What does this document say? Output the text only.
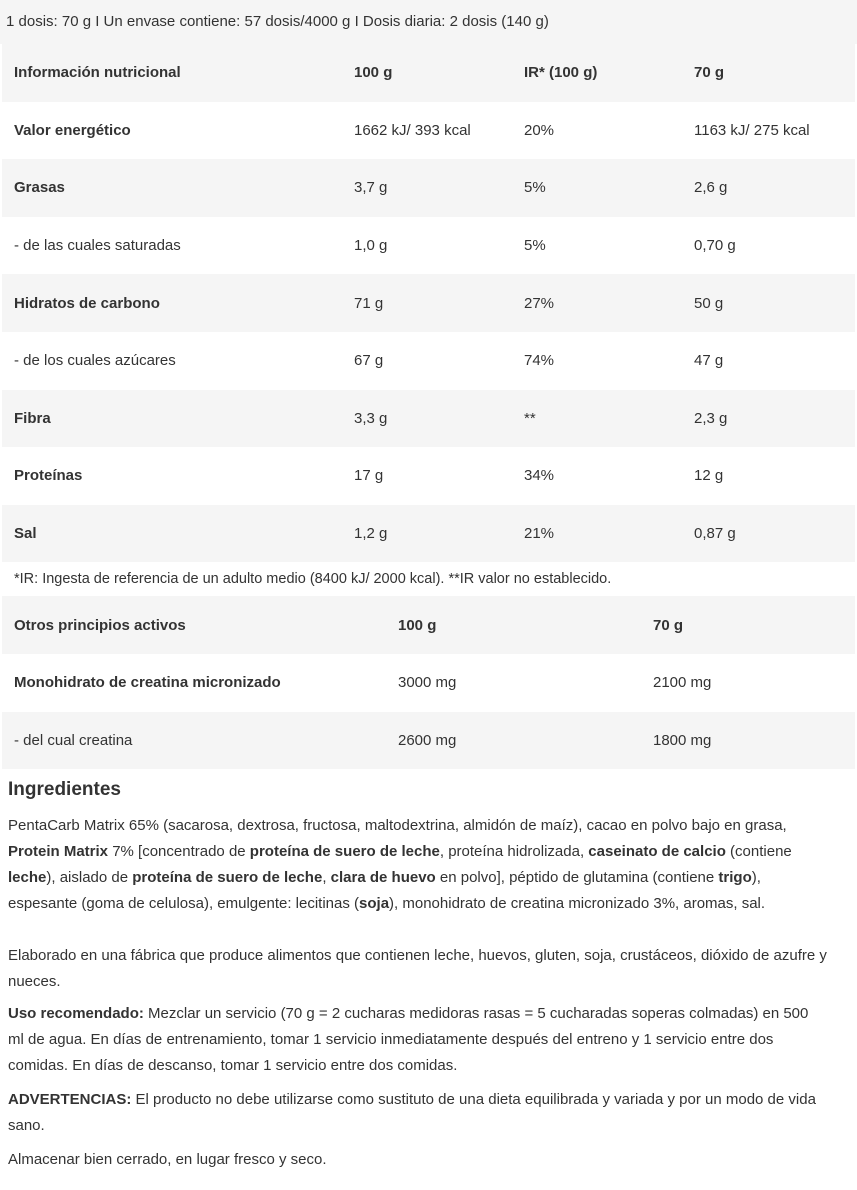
1 dosis: 70 g I Un envase contiene: 57 dosis/4000 g I Dosis diaria: 2 dosis (140 g)
Información nutricional	100 g	IR* (100 g)	70 g
Valor energético	1662 kJ/ 393 kcal	20%	1163 kJ/ 275 kcal
Grasas	3,7 g	5%	2,6 g
- de las cuales saturadas	1,0 g	5%	0,70 g
Hidratos de carbono	71 g	27%	50 g
- de los cuales azúcares	67 g	74%	47 g
Fibra	3,3 g	**	2,3 g
Proteínas	17 g	34%	12 g
Sal	1,2 g	21%	0,87 g
*IR: Ingesta de referencia de un adulto medio (8400 kJ/ 2000 kcal). **IR valor no establecido.
Otros principios activos	100 g	70 g
Monohidrato de creatina micronizado	3000 mg	2100 mg
- del cual creatina	2600 mg	1800 mg
Ingredientes

PentaCarb Matrix 65% (sacarosa, dextrosa, fructosa, maltodextrina, almidón de maíz), cacao en polvo bajo en grasa, Protein Matrix 7% [concentrado de proteína de suero de leche, proteína hidrolizada, caseinato de calcio (contiene leche), aislado de proteína de suero de leche, clara de huevo en polvo], péptido de glutamina (contiene trigo), espesante (goma de celulosa), emulgente: lecitinas (soja), monohidrato de creatina micronizado 3%, aromas, sal.

Elaborado en una fábrica que produce alimentos que contienen leche, huevos, gluten, soja, crustáceos, dióxido de azufre y nueces.

Uso recomendado: Mezclar un servicio (70 g = 2 cucharas medidoras rasas = 5 cucharadas soperas colmadas) en 500 ml de agua. En días de entrenamiento, tomar 1 servicio inmediatamente después del entreno y 1 servicio entre dos comidas. En días de descanso, tomar 1 servicio entre dos comidas.

ADVERTENCIAS: El producto no debe utilizarse como sustituto de una dieta equilibrada y variada y por un modo de vida sano.

Almacenar bien cerrado, en lugar fresco y seco.
